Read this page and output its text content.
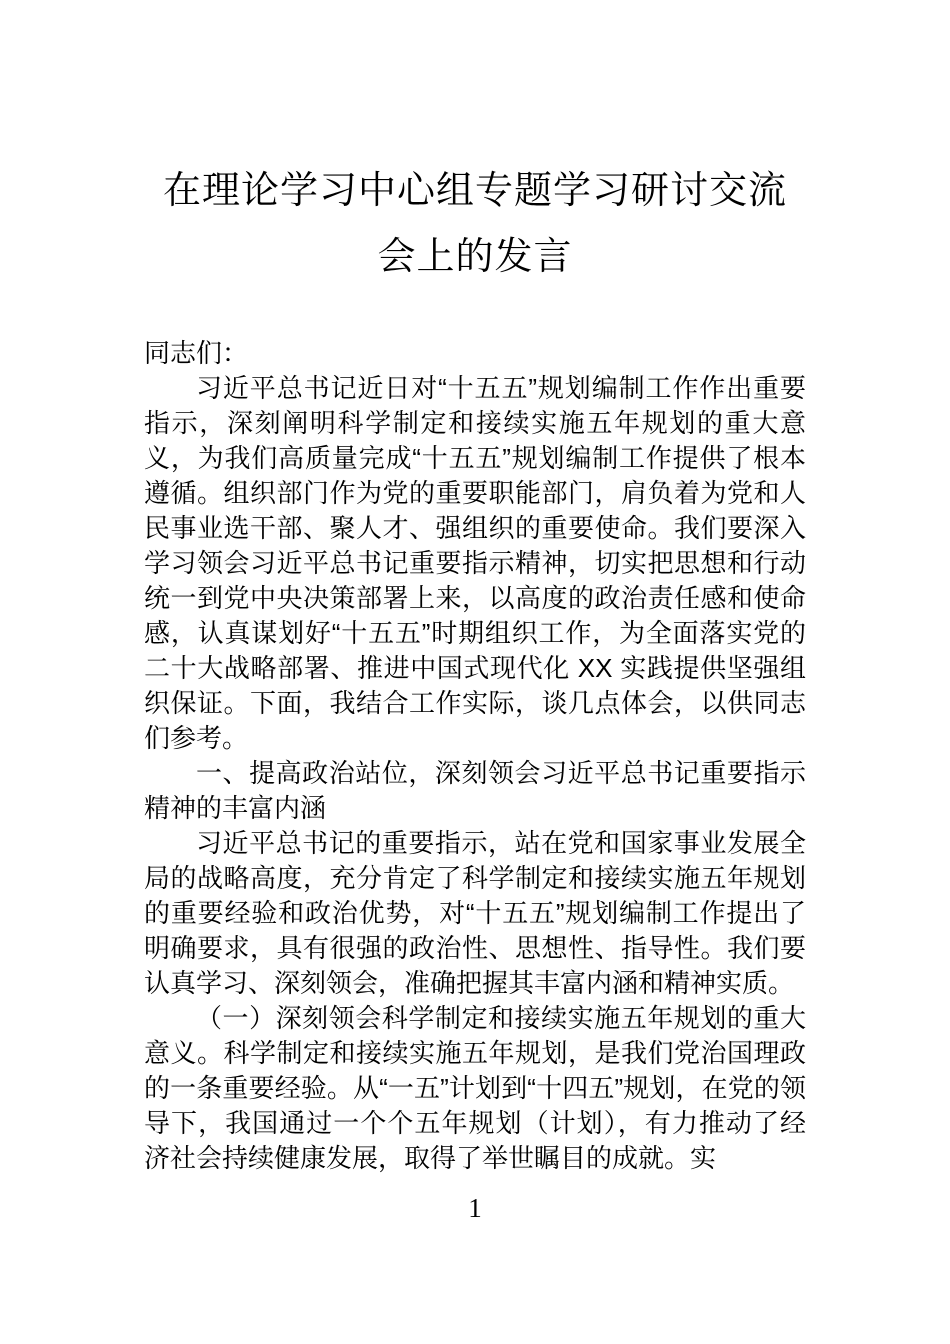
在理论学习中心组专题学习研讨交流会上的发言

同志们：

习近平总书记近日对“十五五”规划编制工作作出重要指示，深刻阐明科学制定和接续实施五年规划的重大意义，为我们高质量完成“十五五”规划编制工作提供了根本遵循。组织部门作为党的重要职能部门，肩负着为党和人民事业选干部、聚人才、强组织的重要使命。我们要深入学习领会习近平总书记重要指示精神，切实把思想和行动统一到党中央决策部署上来，以高度的政治责任感和使命感，认真谋划好“十五五”时期组织工作，为全面落实党的二十大战略部署、推进中国式现代化 XX 实践提供坚强组织保证。下面，我结合工作实际，谈几点体会，以供同志们参考。

一、提高政治站位，深刻领会习近平总书记重要指示精神的丰富内涵

习近平总书记的重要指示，站在党和国家事业发展全局的战略高度，充分肯定了科学制定和接续实施五年规划的重要经验和政治优势，对“十五五”规划编制工作提出了明确要求，具有很强的政治性、思想性、指导性。我们要认真学习、深刻领会，准确把握其丰富内涵和精神实质。

（一）深刻领会科学制定和接续实施五年规划的重大意义。科学制定和接续实施五年规划，是我们党治国理政的一条重要经验。从“一五”计划到“十四五”规划，在党的领导下，我国通过一个个五年规划（计划），有力推动了经济社会持续健康发展，取得了举世瞩目的成就。实

1
